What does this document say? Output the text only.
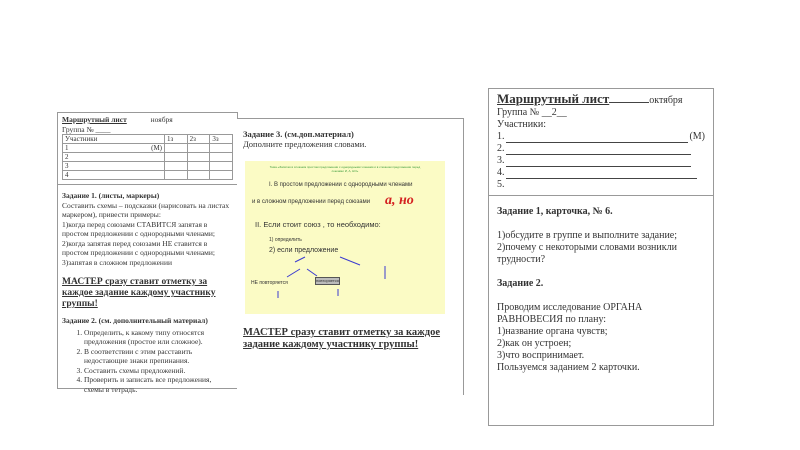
Маршрутный лист	ноября

Группа № ____

Участники	1з	2з	3з
1 (М)			

2			
3			
4			

Задание 1. (листы, маркеры)

Составить схемы – подсказки (нарисовать на листах маркером), привести примеры:

1)когда перед союзами СТАВИТСЯ запятая в простом предложении с однородными членами;

2)когда запятая перед союзами НЕ ставится в простом предложении с однородными членами;

3)запятая в сложном предложении

МАСТЕР сразу ставит отметку за каждое задание каждому участнику группы!

Задание 2. (см. дополнительный материал)

1. Определить, к какому типу относятся предложения (простое или сложное).
2. В соответствии с этим расставить недостающие знаки препинания.
3. Составить схемы предложений.
4. Проверить и записать все предложения, схемы в тетрадь.

Задание 3. (см.доп.материал)

Дополните предложения словами.

Тема «Запятая в сложном простом предложении с однородными членами и в сложном предложении перед союзами И, А, НО»
I. В простом предложении с однородными членами
и в сложном предложении перед союзами а, но
II. Если стоит союз , то необходимо:
1) определить
2) если предложение
НЕ повторяется	повторяется

МАСТЕР сразу ставит отметку за каждое задание каждому участнику группы!

Маршрутный лист	октября

Группа № __2__

Участники:

1.	(М)
2.
3.
4.
5.

Задание 1, карточка, № 6.

1)обсудите в группе и выполните задание;

2)почему с некоторыми словами возникли трудности?

Задание 2.

Проводим исследование ОРГАНА РАВНОВЕСИЯ по плану:

1)название органа чувств;

2)как он устроен;

3)что воспринимает.

Пользуемся заданием 2 карточки.
